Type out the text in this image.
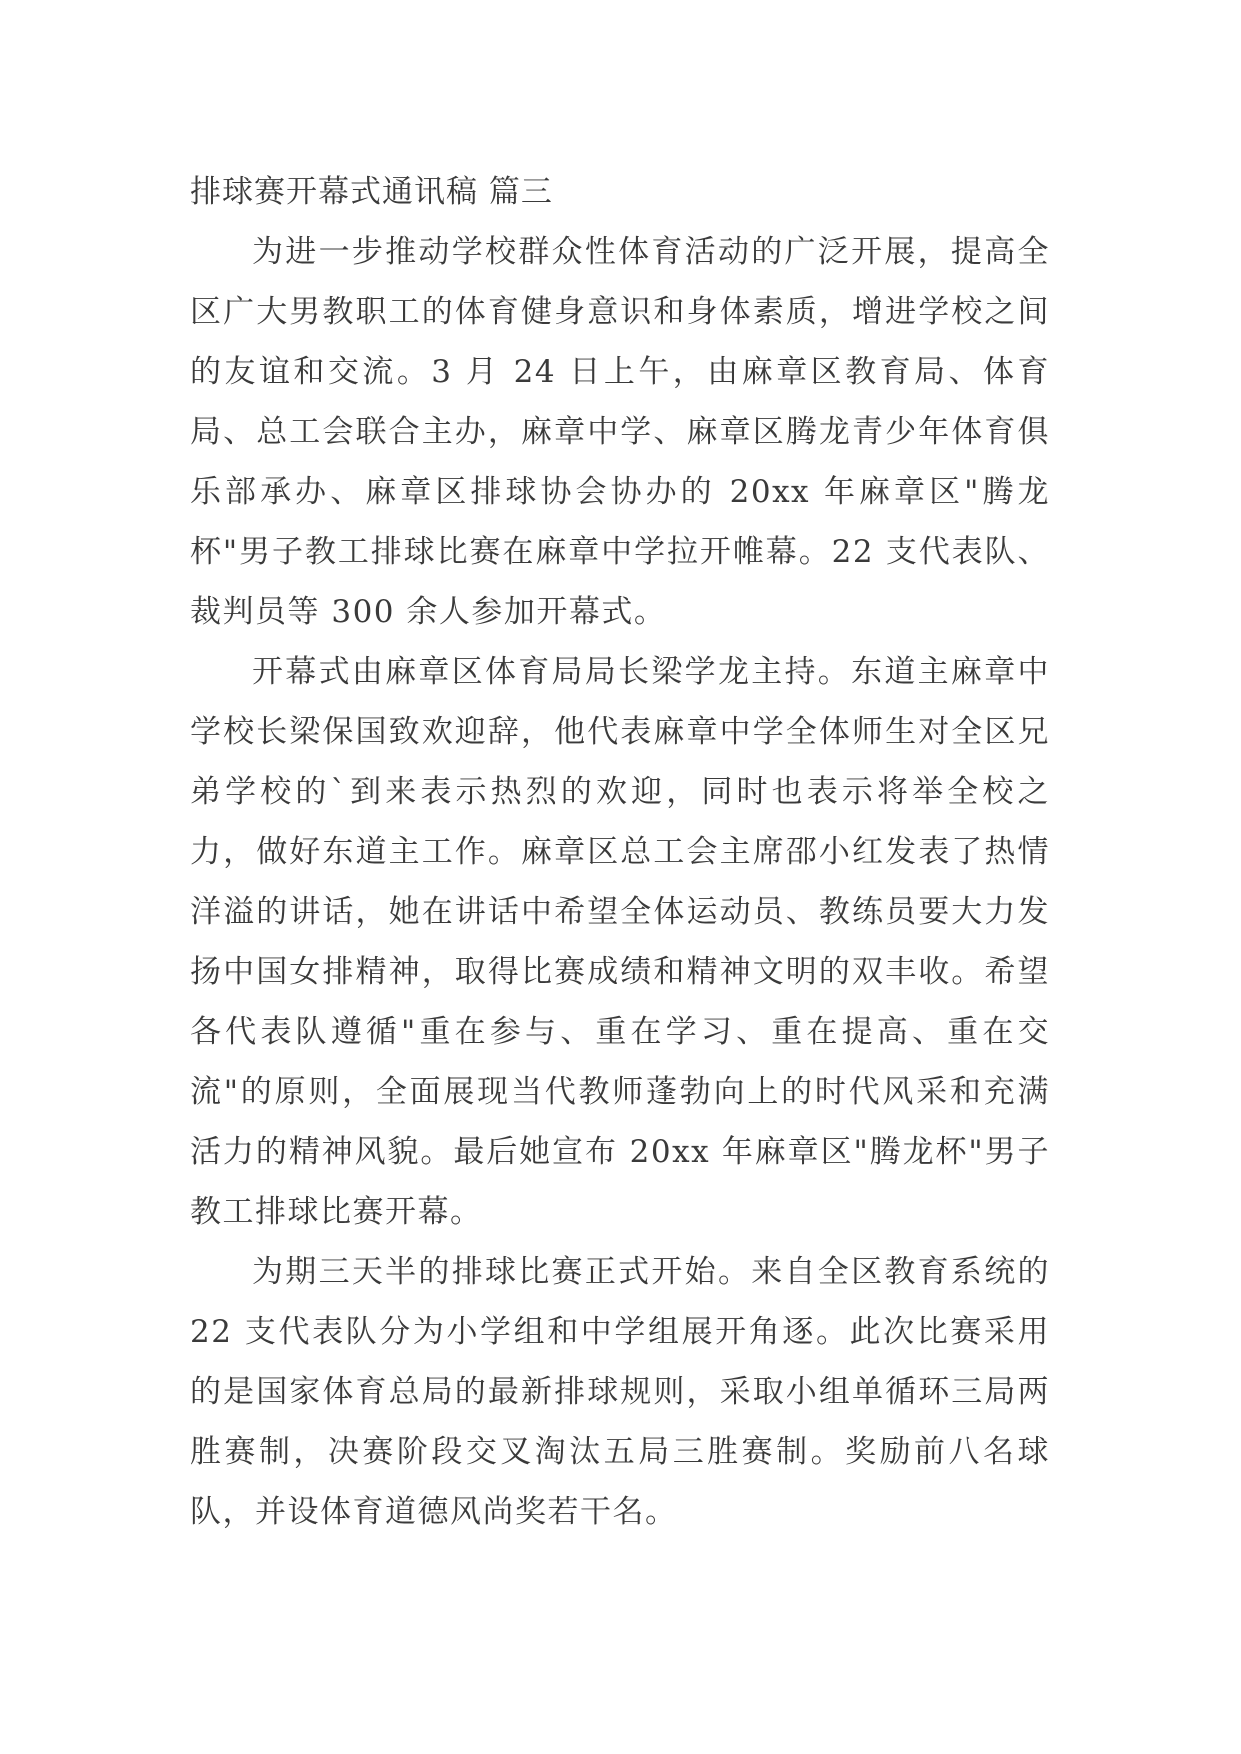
排球赛开幕式通讯稿 篇三

为进一步推动学校群众性体育活动的广泛开展，提高全区广大男教职工的体育健身意识和身体素质，增进学校之间的友谊和交流。3 月 24 日上午，由麻章区教育局、体育局、总工会联合主办，麻章中学、麻章区腾龙青少年体育俱乐部承办、麻章区排球协会协办的 20xx 年麻章区"腾龙杯"男子教工排球比赛在麻章中学拉开帷幕。22 支代表队、裁判员等 300 余人参加开幕式。

开幕式由麻章区体育局局长梁学龙主持。东道主麻章中学校长梁保国致欢迎辞，他代表麻章中学全体师生对全区兄弟学校的`到来表示热烈的欢迎，同时也表示将举全校之力，做好东道主工作。麻章区总工会主席邵小红发表了热情洋溢的讲话，她在讲话中希望全体运动员、教练员要大力发扬中国女排精神，取得比赛成绩和精神文明的双丰收。希望各代表队遵循"重在参与、重在学习、重在提高、重在交流"的原则，全面展现当代教师蓬勃向上的时代风采和充满活力的精神风貌。最后她宣布 20xx 年麻章区"腾龙杯"男子教工排球比赛开幕。

为期三天半的排球比赛正式开始。来自全区教育系统的 22 支代表队分为小学组和中学组展开角逐。此次比赛采用的是国家体育总局的最新排球规则，采取小组单循环三局两胜赛制，决赛阶段交叉淘汰五局三胜赛制。奖励前八名球队，并设体育道德风尚奖若干名。
